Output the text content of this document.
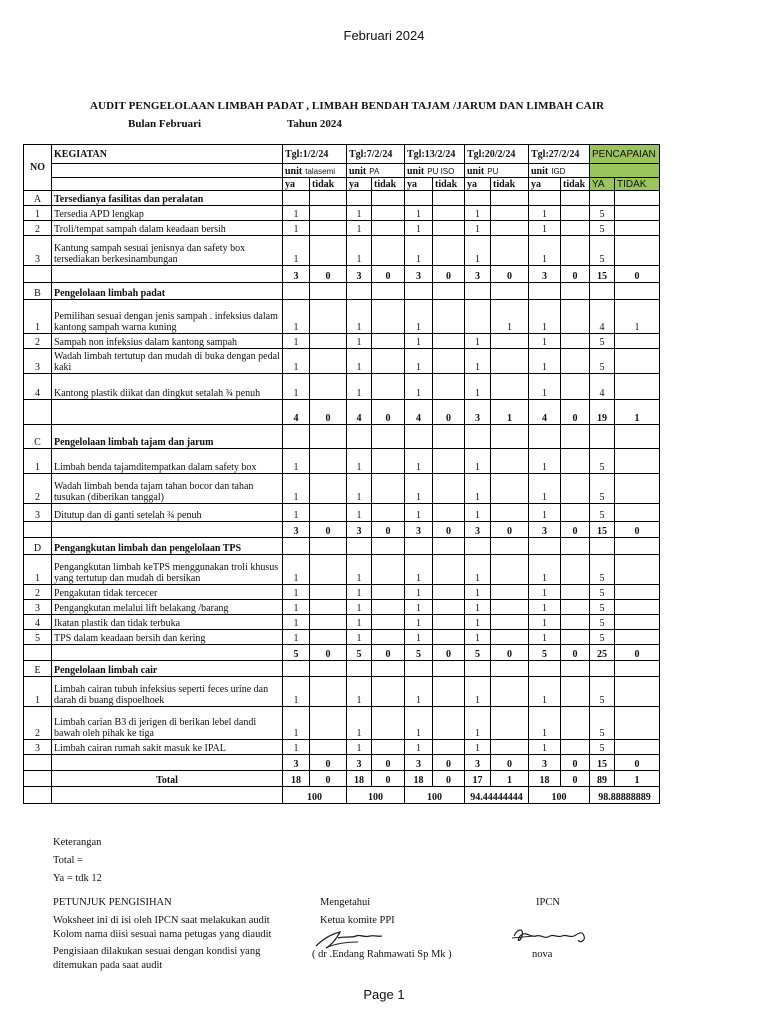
Februari 2024
AUDIT PENGELOLAAN LIMBAH PADAT , LIMBAH BENDAH TAJAM /JARUM DAN LIMBAH CAIR
Bulan Februari	Tahun 2024
NO	KEGIATAN	Tgl:1/2/24		Tgl:7/2/24		Tgl:13/2/24		Tgl:20/2/24		Tgl:27/2/24		PENCAPAIAN	
		unit talasemi		unit PA		unit PU ISO		unit PU		unit IGD			
		ya	tidak	ya	tidak	ya	tidak	ya	tidak	ya	tidak	YA	TIDAK
A	Tersedianya fasilitas dan peralatan												
1	Tersedia APD lengkap	1		1		1		1		1		5	
2	Troli/tempat sampah dalam keadaan bersih	1		1		1		1		1		5	
3	Kantung sampah sesuai jenisnya dan safety box tersediakan berkesinambungan	1		1		1		1		1		5	
		3	0	3	0	3	0	3	0	3	0	15	0
B	Pengelolaan limbah padat												
1	Pemilihan sesuai dengan jenis sampah . infeksius dalam kantong sampah warna kuning	1		1		1			1	1		4	1
2	Sampah non infeksius dalam kantong sampah	1		1		1		1		1		5	
3	Wadah limbah tertutup dan mudah di buka dengan pedal kaki	1		1		1		1		1		5	
4	Kantong plastik diikat dan dingkut setalah ¾ penuh	1		1		1		1		1		4	
		4	0	4	0	4	0	3	1	4	0	19	1
C	Pengelolaan limbah tajam dan jarum												
1	Limbah benda tajamditempatkan dalam safety box	1		1		1		1		1		5	
2	Wadah limbah benda tajam tahan bocor dan tahan tusukan (diberikan tanggal)	1		1		1		1		1		5	
3	Ditutup dan di ganti setelah ¾ penuh	1		1		1		1		1		5	
		3	0	3	0	3	0	3	0	3	0	15	0
D	Pengangkutan limbah dan pengelolaan TPS												
1	Pengangkutan limbah keTPS menggunakan troli khusus yang tertutup dan mudah di bersikan	1		1		1		1		1		5	
2	Pengakutan tidak tercecer	1		1		1		1		1		5	
3	Pengangkutan melalui lift belakang /barang	1		1		1		1		1		5	
4	Ikatan plastik dan tidak terbuka	1		1		1		1		1		5	
5	TPS dalam keadaan bersih dan kering	1		1		1		1		1		5	
		5	0	5	0	5	0	5	0	5	0	25	0
E	Pengelolaan limbah cair												
1	Limbah cairan tubuh infeksius seperti feces urine dan darah di buang dispoelhoek	1		1		1		1		1		5	
2	Limbah carian B3 di jerigen di berikan lebel dandi bawah oleh pihak ke tiga	1		1		1		1		1		5	
3	Limbah cairan rumah sakit masuk ke IPAL	1		1		1		1		1		5	
		3	0	3	0	3	0	3	0	3	0	15	0
	Total	18	0	18	0	18	0	17	1	18	0	89	1
		100		100		100		94.44444444		100		98.88888889	
Keterangan
Total =
Ya = tdk 12
PETUNJUK PENGISIHAN
Woksheet ini di isi oleh IPCN saat melakukan audit
Kolom nama diisi sesuai nama petugas yang diaudit
Pengisiaan dilakukan sesuai dengan kondisi yang
ditemukan pada saat audit
Mengetahui
Ketua komite PPI
( dr .Endang Rahmawati Sp Mk )
IPCN
nova
Page 1
